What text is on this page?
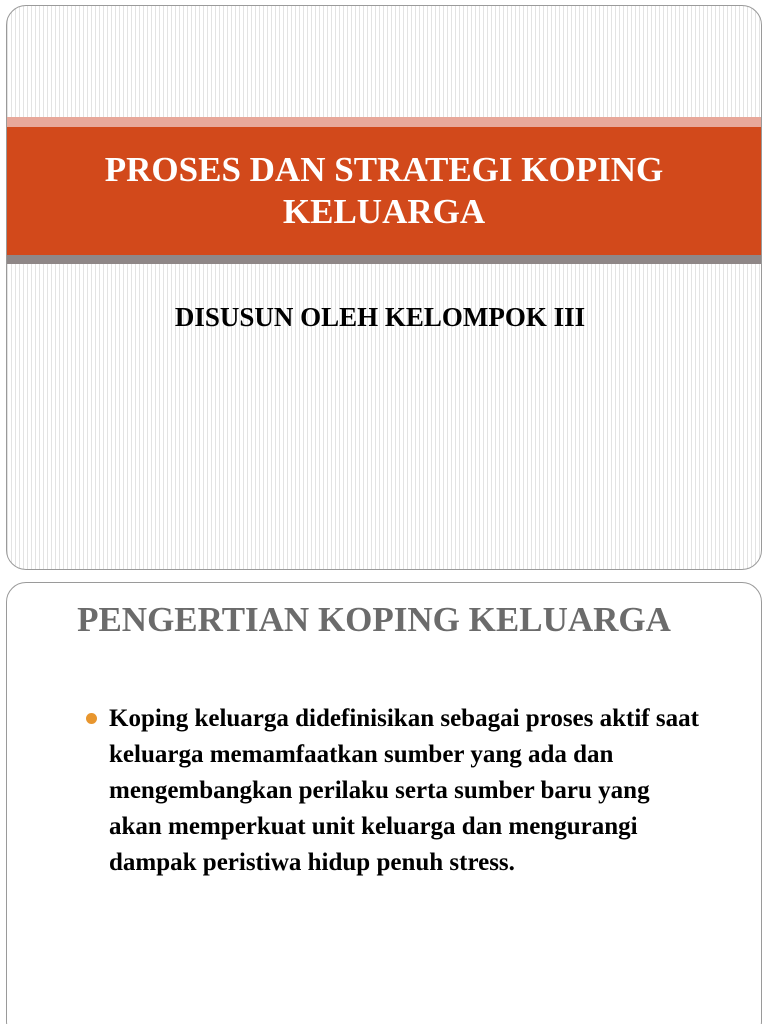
PROSES DAN STRATEGI KOPING KELUARGA
DISUSUN OLEH KELOMPOK III
PENGERTIAN KOPING KELUARGA
Koping keluarga didefinisikan sebagai proses aktif saat keluarga memamfaatkan sumber yang ada dan mengembangkan perilaku serta sumber baru yang akan memperkuat unit keluarga dan mengurangi dampak peristiwa hidup penuh stress.
